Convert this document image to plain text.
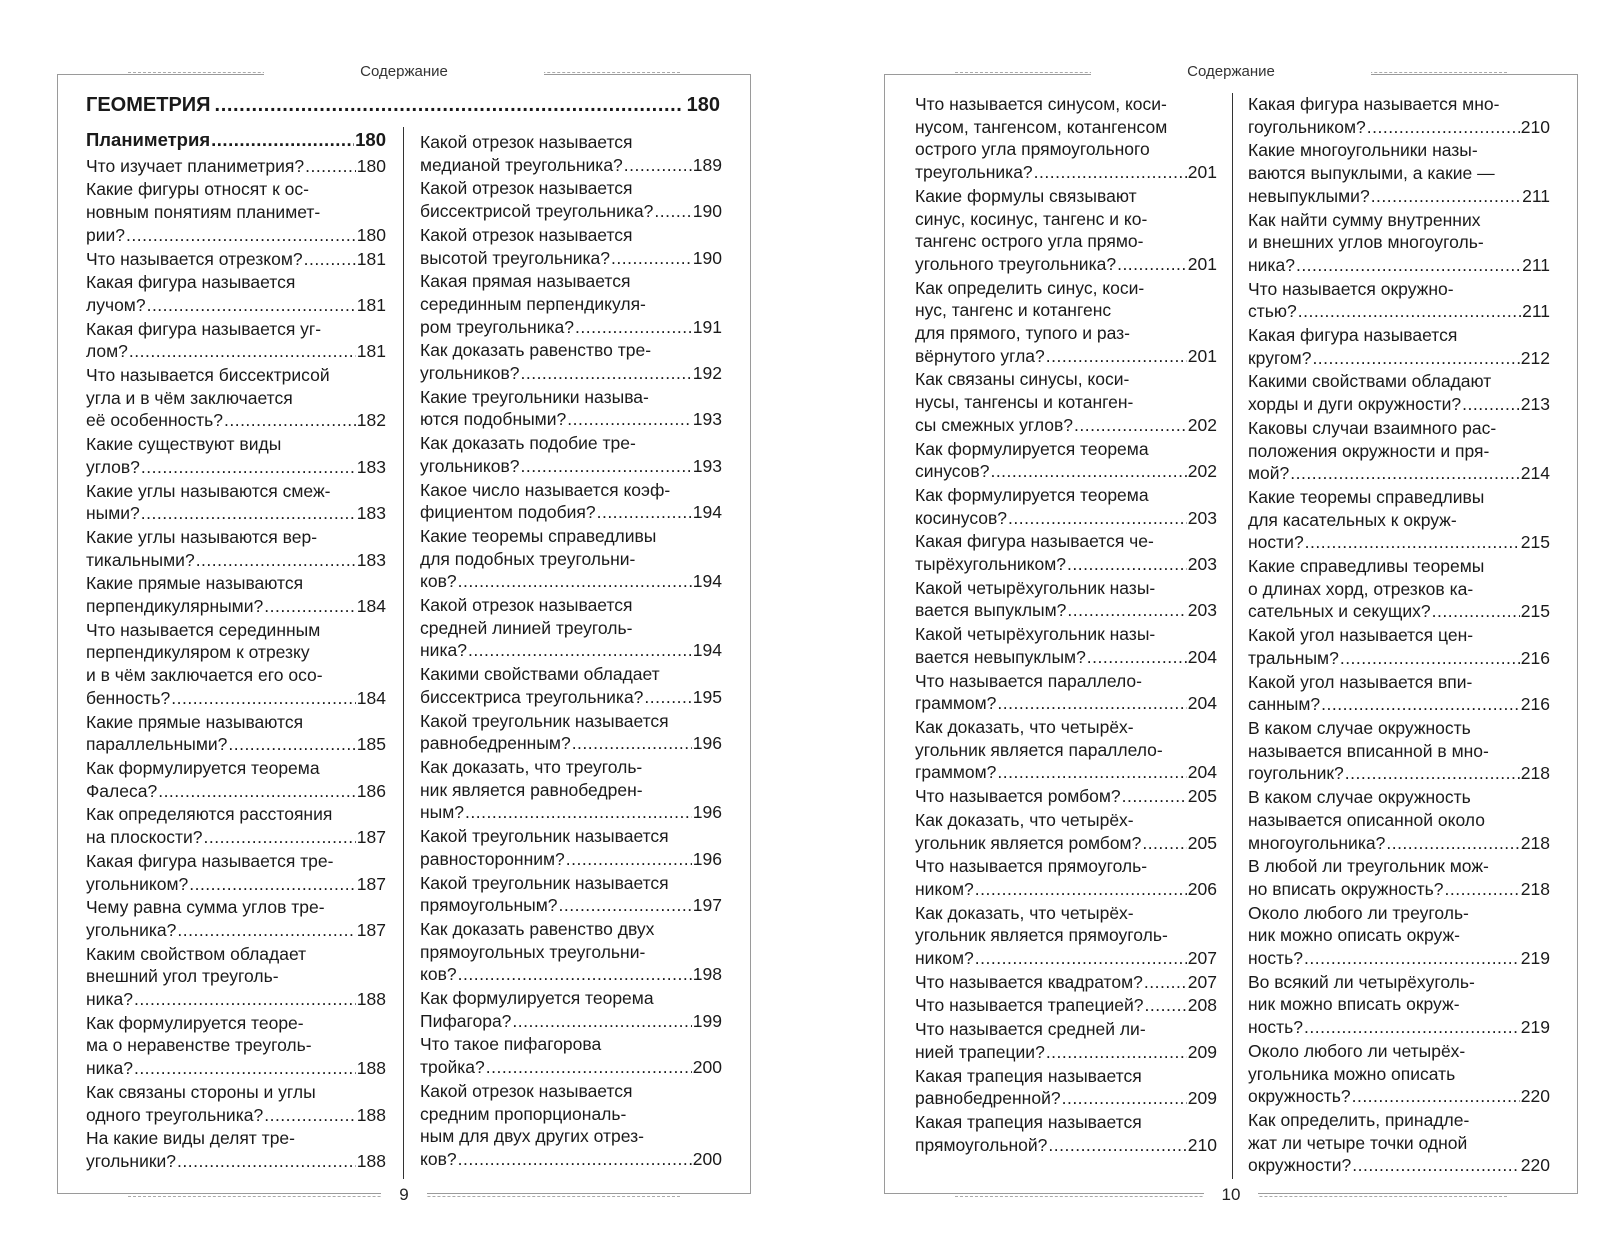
Содержание
ГЕОМЕТРИЯ .....	180
Планиметрия .....	180
Что изучает планиметрия? .....	180
Какие фигуры относят к ос-
новным понятиям планимет-
рии? .....	180
Что называется отрезком? .....	181
Какая фигура называется
лучом? .....	181
Какая фигура называется уг-
лом? .....	181
Что называется биссектрисой
угла и в чём заключается
её особенность? .....	182
Какие существуют виды
углов? .....	183
Какие углы называются смеж-
ными? .....	183
Какие углы называются вер-
тикальными? .....	183
Какие прямые называются
перпендикулярными? .....	184
Что называется серединным
перпендикуляром к отрезку
и в чём заключается его осо-
бенность? .....	184
Какие прямые называются
параллельными? .....	185
Как формулируется теорема
Фалеса? .....	186
Как определяются расстояния
на плоскости? .....	187
Какая фигура называется тре-
угольником? .....	187
Чему равна сумма углов тре-
угольника? .....	187
Каким свойством обладает
внешний угол треуголь-
ника? .....	188
Как формулируется теоре-
ма о неравенстве треуголь-
ника? .....	188
Как связаны стороны и углы
одного треугольника? .....	188
На какие виды делят тре-
угольники? .....	188
Какой отрезок называется
медианой треугольника? .....	189
Какой отрезок называется
биссектрисой треугольника? ..... 190
Какой отрезок называется
высотой треугольника? .....	190
Какая прямая называется
серединным перпендикуля-
ром треугольника? .....	191
Как доказать равенство тре-
угольников? .....	192
Какие треугольники называ-
ются подобными? .....	193
Как доказать подобие тре-
угольников? .....	193
Какое число называется коэф-
фициентом подобия? .....	194
Какие теоремы справедливы
для подобных треугольни-
ков? .....	194
Какой отрезок называется
средней линией треуголь-
ника? .....	194
Какими свойствами обладает
биссектриса треугольника? .....	195
Какой треугольник называется
равнобедренным? .....	196
Как доказать, что треуголь-
ник является равнобедрен-
ным? .....	196
Какой треугольник называется
равносторонним? .....	196
Какой треугольник называется
прямоугольным? .....	197
Как доказать равенство двух
прямоугольных треугольни-
ков? .....	198
Как формулируется теорема
Пифагора? .....	199
Что такое пифагорова
тройка? .....	200
Какой отрезок называется
средним пропорциональ-
ным для двух других отрез-
ков? .....	200
9
Содержание
Что называется синусом, коси-
нусом, тангенсом, котангенсом
острого угла прямоугольного
треугольника? .....	201
Какие формулы связывают
синус, косинус, тангенс и ко-
тангенс острого угла прямо-
угольного треугольника? .....	201
Как определить синус, коси-
нус, тангенс и котангенс
для прямого, тупого и раз-
вёрнутого угла? .....	201
Как связаны синусы, коси-
нусы, тангенсы и котанген-
сы смежных углов? .....	202
Как формулируется теорема
синусов? .....	202
Как формулируется теорема
косинусов? .....	203
Какая фигура называется че-
тырёхугольником? .....	203
Какой четырёхугольник назы-
вается выпуклым? .....	203
Какой четырёхугольник назы-
вается невыпуклым? .....	204
Что называется параллело-
граммом? .....	204
Как доказать, что четырёх-
угольник является параллело-
граммом? .....	204
Что называется ромбом? .....	205
Как доказать, что четырёх-
угольник является ромбом? .....	205
Что называется прямоуголь-
ником? .....	206
Как доказать, что четырёх-
угольник является прямоуголь-
ником? .....	207
Что называется квадратом? .....	207
Что называется трапецией? .....	208
Что называется средней ли-
нией трапеции? .....	209
Какая трапеция называется
равнобедренной? .....	209
Какая трапеция называется
прямоугольной? .....	210
Какая фигура называется мно-
гоугольником? .....	210
Какие многоугольники назы-
ваются выпуклыми, а какие —
невыпуклыми? .....	211
Как найти сумму внутренних
и внешних углов многоуголь-
ника? .....	211
Что называется окружно-
стью? .....	211
Какая фигура называется
кругом? .....	212
Какими свойствами обладают
хорды и дуги окружности? .....	213
Каковы случаи взаимного рас-
положения окружности и пря-
мой? .....	214
Какие теоремы справедливы
для касательных к окруж-
ности? .....	215
Какие справедливы теоремы
о длинах хорд, отрезков ка-
сательных и секущих? .....	215
Какой угол называется цен-
тральным? .....	216
Какой угол называется впи-
санным? .....	216
В каком случае окружность
называется вписанной в мно-
гоугольник? .....	218
В каком случае окружность
называется описанной около
многоугольника? .....	218
В любой ли треугольник мож-
но вписать окружность? .....	218
Около любого ли треуголь-
ник можно описать окруж-
ность? .....	219
Во всякий ли четырёхуголь-
ник можно вписать окруж-
ность? .....	219
Около любого ли четырёх-
угольника можно описать
окружность? .....	220
Как определить, принадле-
жат ли четыре точки одной
окружности? .....	220
10
